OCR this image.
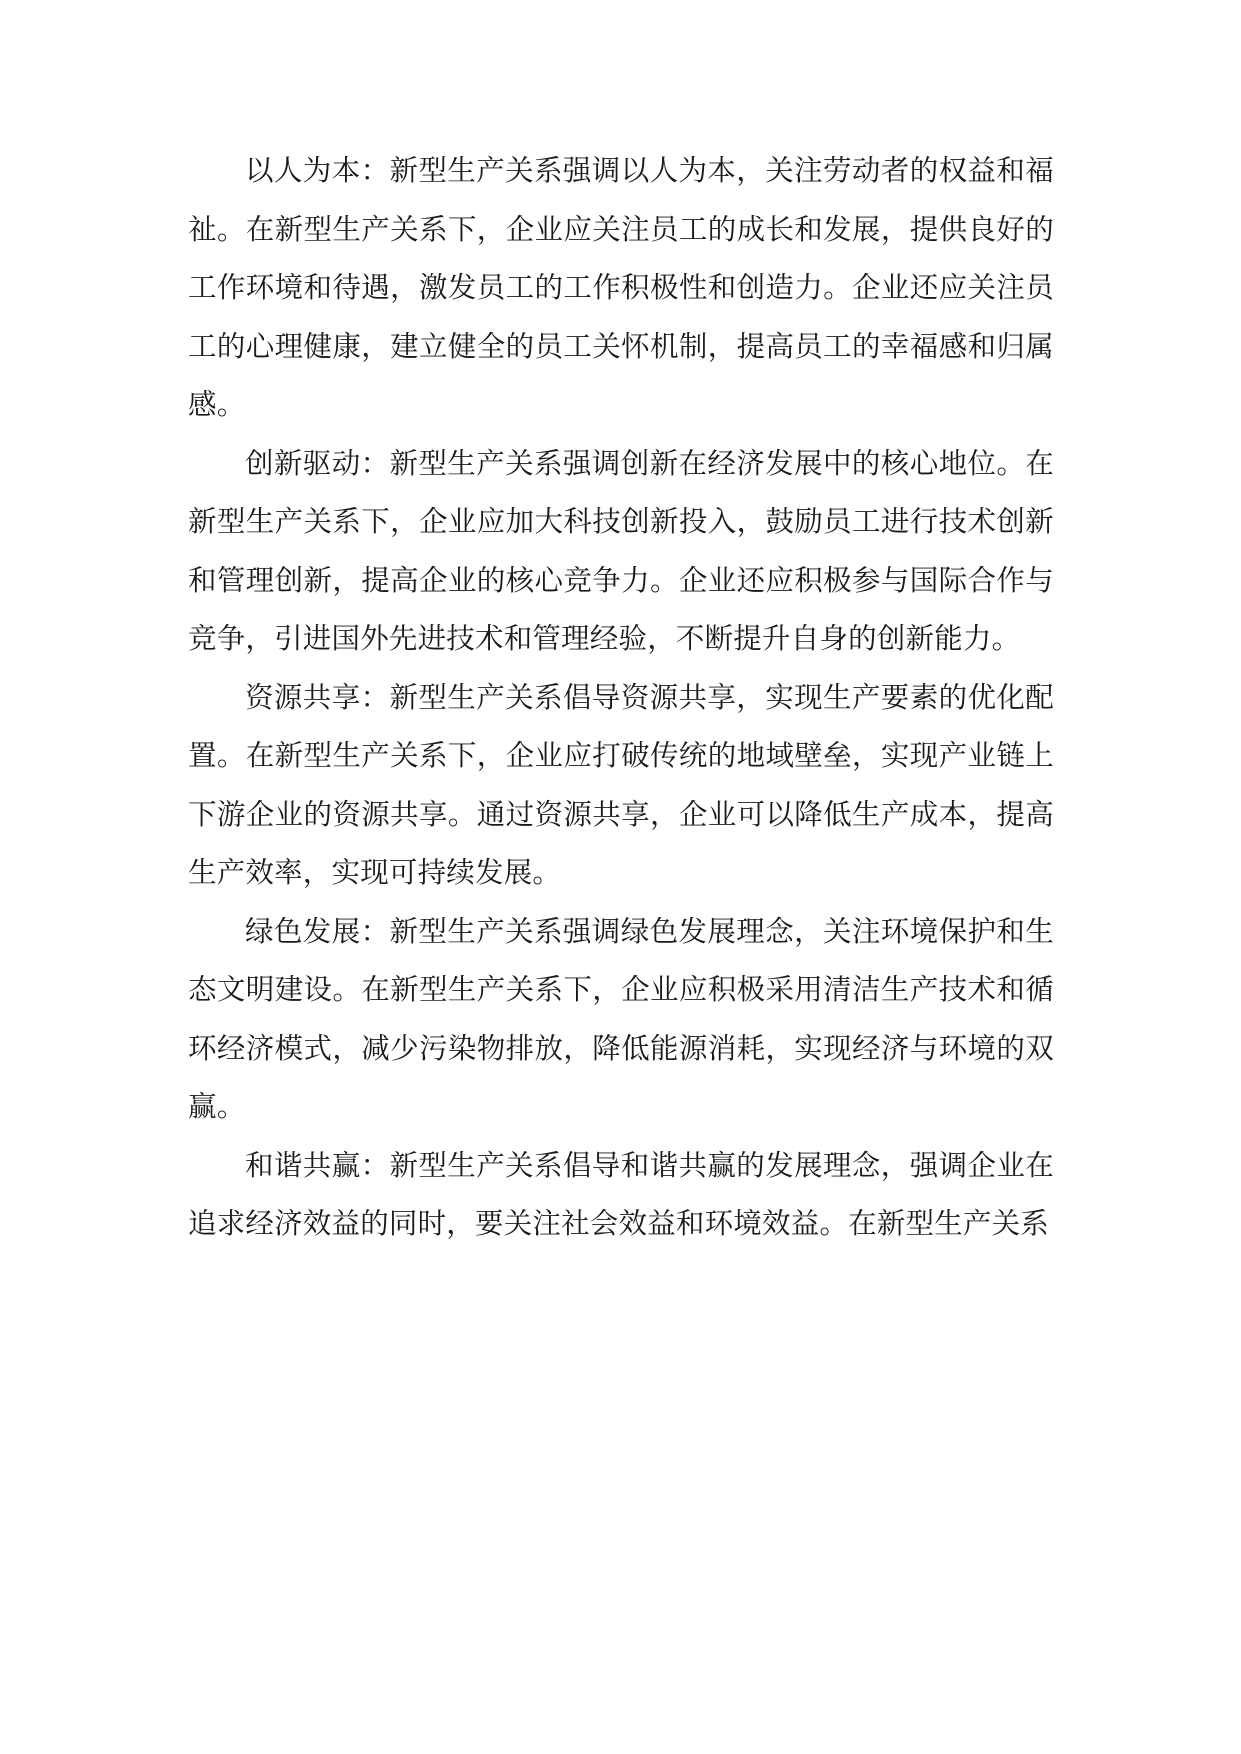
以人为本：新型生产关系强调以人为本，关注劳动者的权益和福祉。在新型生产关系下，企业应关注员工的成长和发展，提供良好的工作环境和待遇，激发员工的工作积极性和创造力。企业还应关注员工的心理健康，建立健全的员工关怀机制，提高员工的幸福感和归属感。

创新驱动：新型生产关系强调创新在经济发展中的核心地位。在新型生产关系下，企业应加大科技创新投入，鼓励员工进行技术创新和管理创新，提高企业的核心竞争力。企业还应积极参与国际合作与竞争，引进国外先进技术和管理经验，不断提升自身的创新能力。

资源共享：新型生产关系倡导资源共享，实现生产要素的优化配置。在新型生产关系下，企业应打破传统的地域壁垒，实现产业链上下游企业的资源共享。通过资源共享，企业可以降低生产成本，提高生产效率，实现可持续发展。

绿色发展：新型生产关系强调绿色发展理念，关注环境保护和生态文明建设。在新型生产关系下，企业应积极采用清洁生产技术和循环经济模式，减少污染物排放，降低能源消耗，实现经济与环境的双赢。

和谐共赢：新型生产关系倡导和谐共赢的发展理念，强调企业在追求经济效益的同时，要关注社会效益和环境效益。在新型生产关系
